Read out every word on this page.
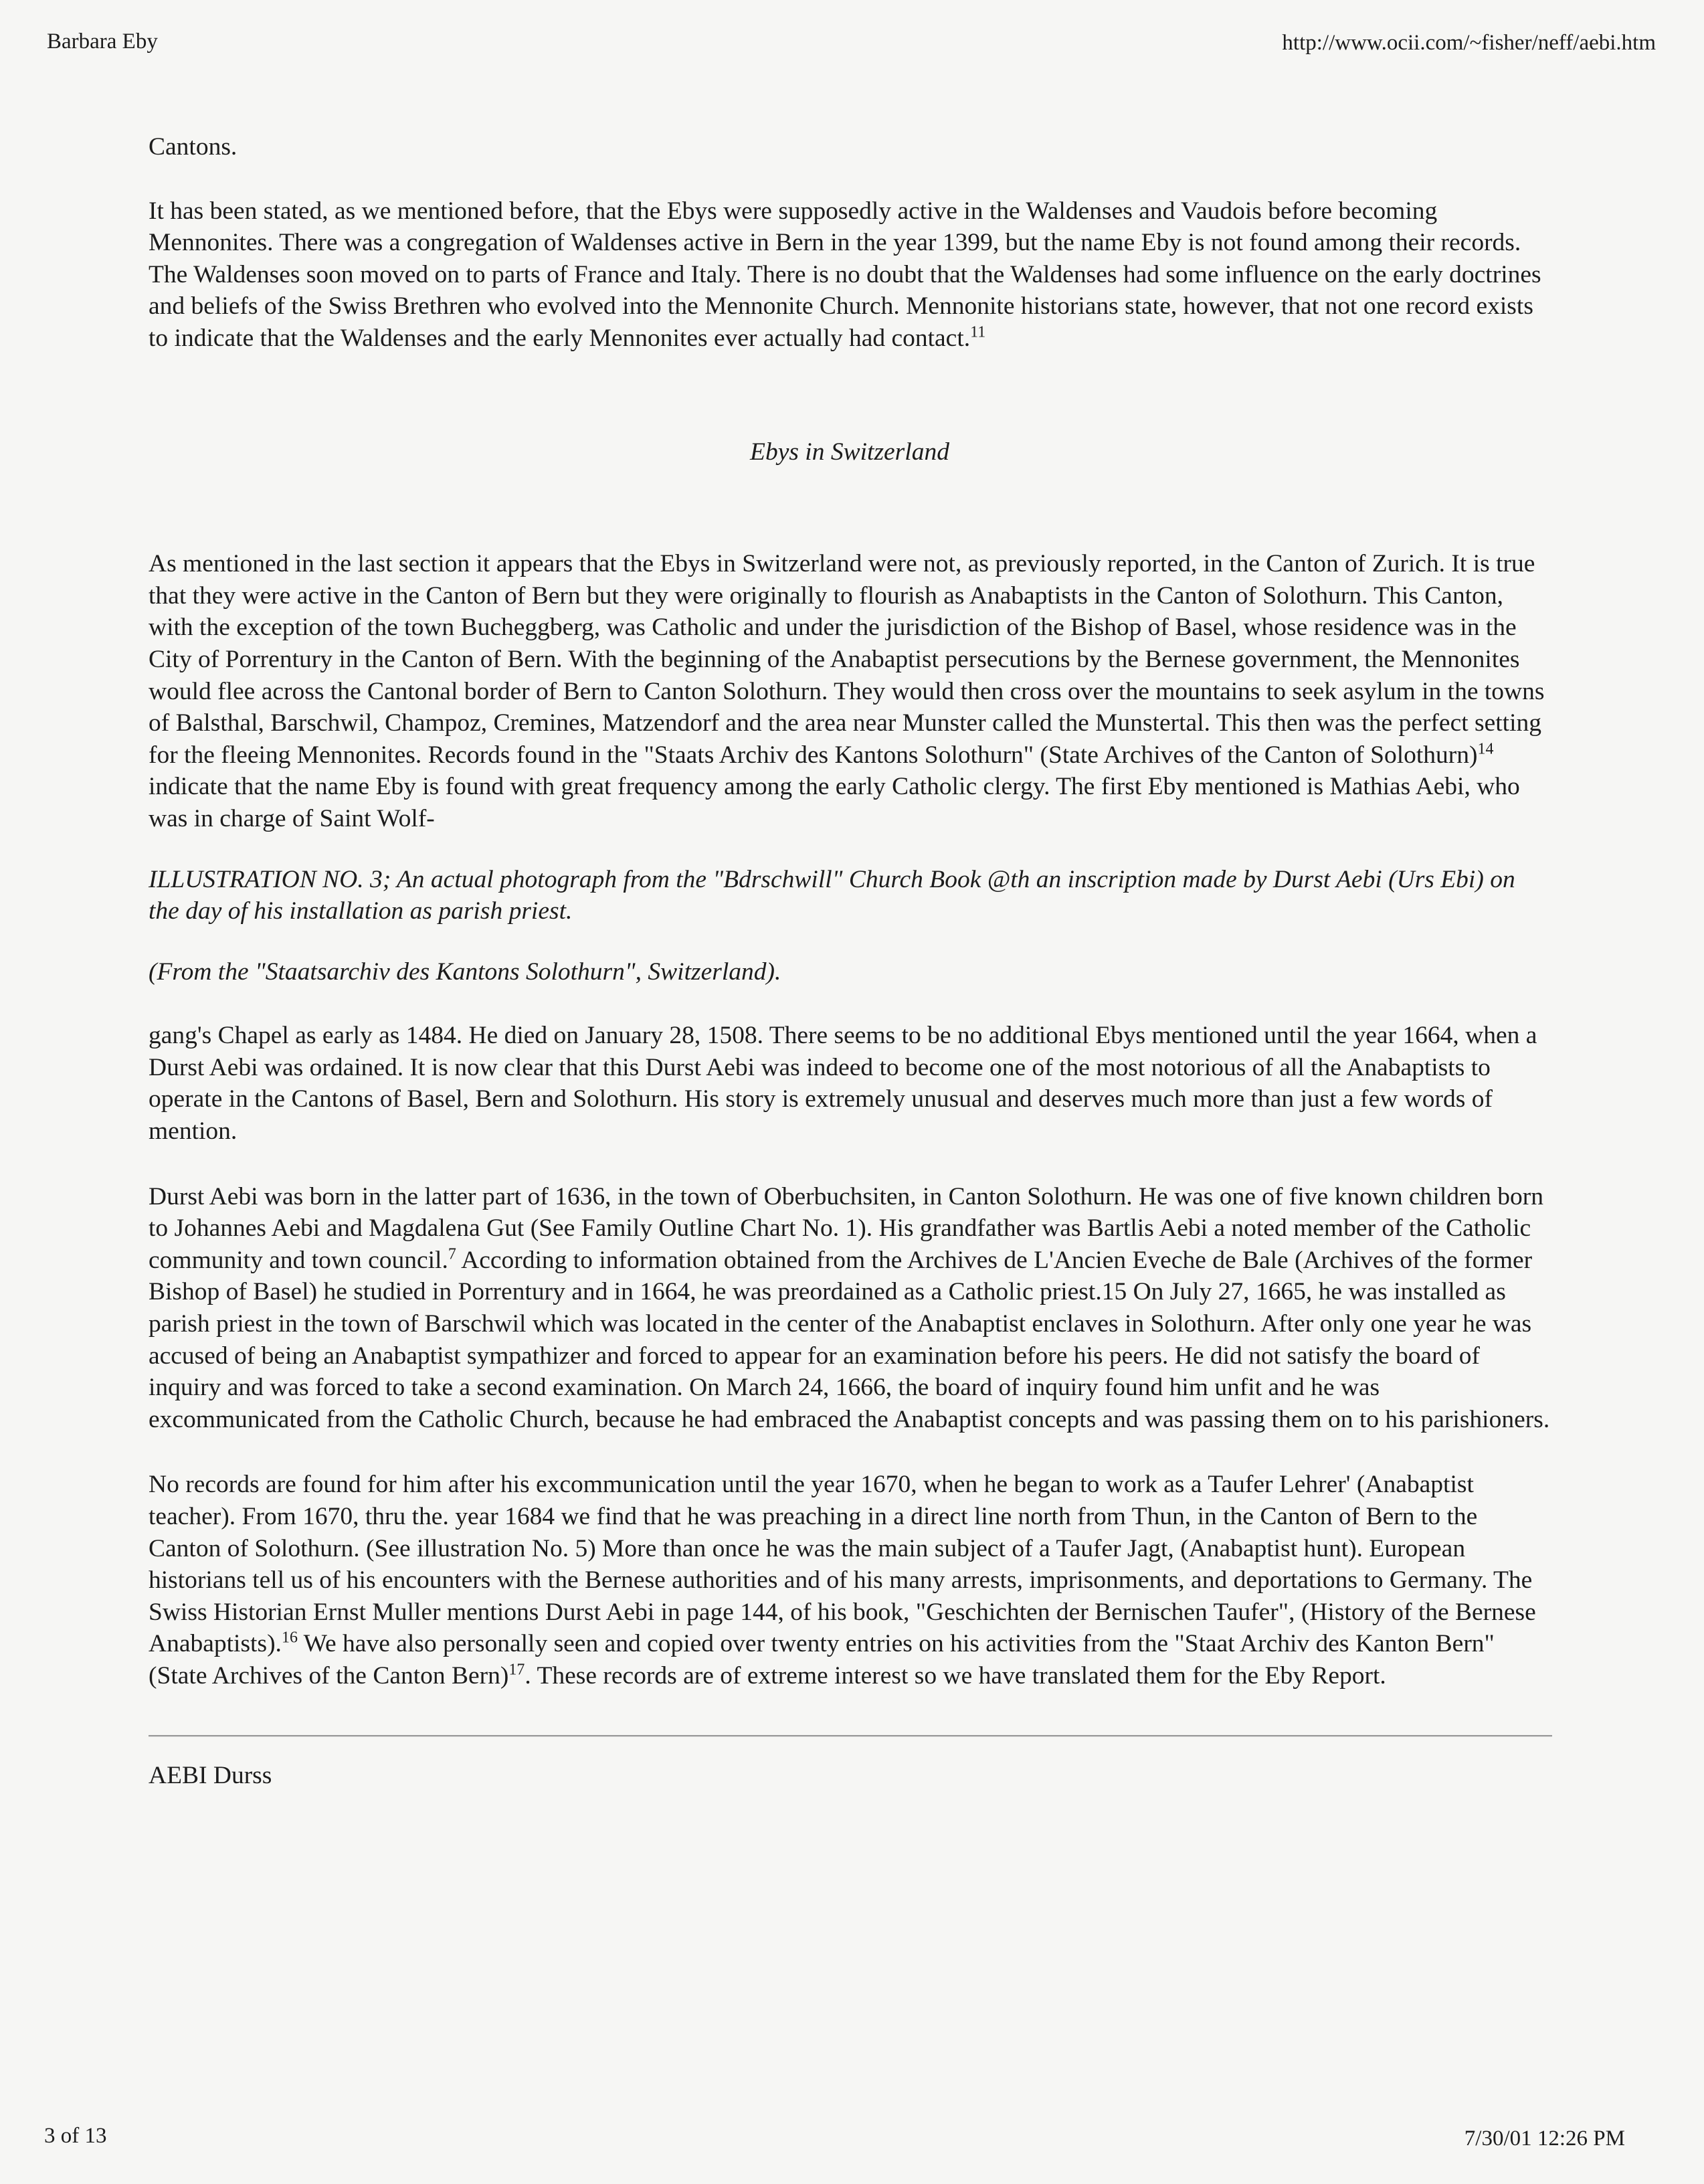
Barbara Eby	http://www.ocii.com/~fisher/neff/aebi.htm

Cantons.

It has been stated, as we mentioned before, that the Ebys were supposedly active in the Waldenses and Vaudois before becoming Mennonites. There was a congregation of Waldenses active in Bern in the year 1399, but the name Eby is not found among their records. The Waldenses soon moved on to parts of France and Italy. There is no doubt that the Waldenses had some influence on the early doctrines and beliefs of the Swiss Brethren who evolved into the Mennonite Church. Mennonite historians state, however, that not one record exists to indicate that the Waldenses and the early Mennonites ever actually had contact.$^{11}$

Ebys in Switzerland

As mentioned in the last section it appears that the Ebys in Switzerland were not, as previously reported, in the Canton of Zurich. It is true that they were active in the Canton of Bern but they were originally to flourish as Anabaptists in the Canton of Solothurn. This Canton, with the exception of the town Bucheggberg, was Catholic and under the jurisdiction of the Bishop of Basel, whose residence was in the City of Porrentury in the Canton of Bern. With the beginning of the Anabaptist persecutions by the Bernese government, the Mennonites would flee across the Cantonal border of Bern to Canton Solothurn. They would then cross over the mountains to seek asylum in the towns of Balsthal, Barschwil, Champoz, Cremines, Matzendorf and the area near Munster called the Munstertal. This then was the perfect setting for the fleeing Mennonites. Records found in the "Staats Archiv des Kantons Solothurn" (State Archives of the Canton of Solothurn)$^{14}$ indicate that the name Eby is found with great frequency among the early Catholic clergy. The first Eby mentioned is Mathias Aebi, who was in charge of Saint Wolf-

ILLUSTRATION NO. 3; An actual photograph from the "Bdrschwill" Church Book @th an inscription made by Durst Aebi (Urs Ebi) on the day of his installation as parish priest.

(From the "Staatsarchiv des Kantons Solothurn", Switzerland).

gang's Chapel as early as 1484. He died on January 28, 1508. There seems to be no additional Ebys mentioned until the year 1664, when a Durst Aebi was ordained. It is now clear that this Durst Aebi was indeed to become one of the most notorious of all the Anabaptists to operate in the Cantons of Basel, Bern and Solothurn. His story is extremely unusual and deserves much more than just a few words of mention.

Durst Aebi was born in the latter part of 1636, in the town of Oberbuchsiten, in Canton Solothurn. He was one of five known children born to Johannes Aebi and Magdalena Gut (See Family Outline Chart No. 1). His grandfather was Bartlis Aebi a noted member of the Catholic community and town council.$^7$ According to information obtained from the Archives de L'Ancien Eveche de Bale (Archives of the former Bishop of Basel) he studied in Porrentury and in 1664, he was preordained as a Catholic priest.15 On July 27, 1665, he was installed as parish priest in the town of Barschwil which was located in the center of the Anabaptist enclaves in Solothurn. After only one year he was accused of being an Anabaptist sympathizer and forced to appear for an examination before his peers. He did not satisfy the board of inquiry and was forced to take a second examination. On March 24, 1666, the board of inquiry found him unfit and he was excommunicated from the Catholic Church, because he had embraced the Anabaptist concepts and was passing them on to his parishioners.

No records are found for him after his excommunication until the year 1670, when he began to work as a Taufer Lehrer' (Anabaptist teacher). From 1670, thru the. year 1684 we find that he was preaching in a direct line north from Thun, in the Canton of Bern to the Canton of Solothurn. (See illustration No. 5) More than once he was the main subject of a Taufer Jagt, (Anabaptist hunt). European historians tell us of his encounters with the Bernese authorities and of his many arrests, imprisonments, and deportations to Germany. The Swiss Historian Ernst Muller mentions Durst Aebi in page 144, of his book, "Geschichten der Bernischen Taufer", (History of the Bernese Anabaptists).$^{16}$ We have also personally seen and copied over twenty entries on his activities from the "Staat Archiv des Kanton Bern" (State Archives of the Canton Bern)$^{17}$. These records are of extreme interest so we have translated them for the Eby Report.

AEBI Durss

3 of 13	7/30/01 12:26 PM
